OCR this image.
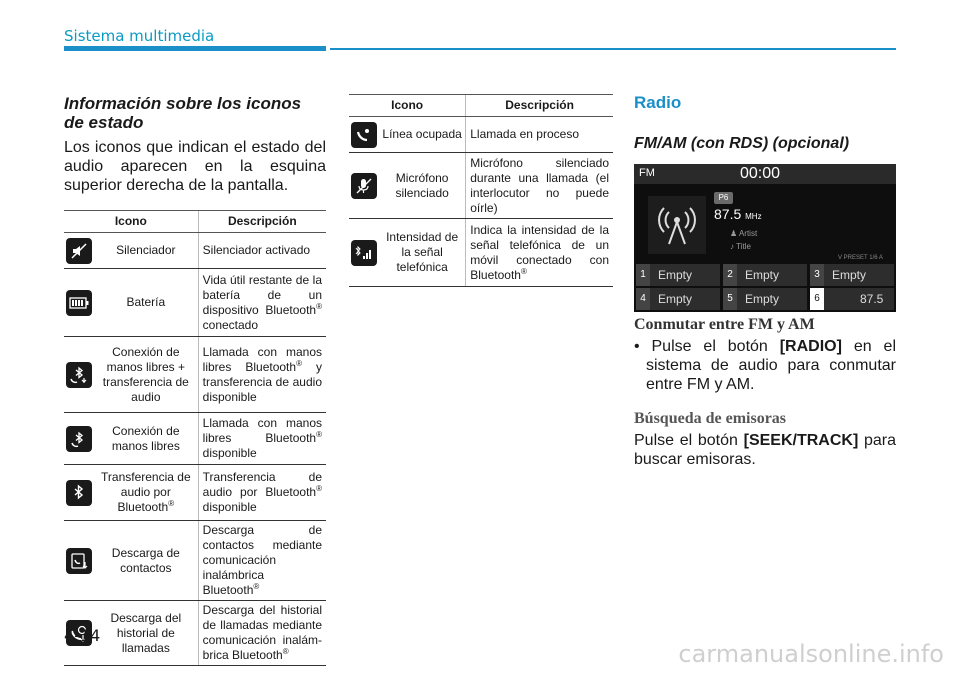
Sistema multimedia
Información sobre los iconos
de estado

Los iconos que indican el estado del audio aparecen en la esquina superior derecha de la pantalla.

Icono		Descripción

	Silenciador	Silenciador activado

	Batería	Vida útil restante de la batería de un dispositivo Bluetooth® conectado

	Conexión de manos libres + transferencia de audio	Llamada con manos libres Bluetooth® y transferencia de audio disponible

	Conexión de manos libres	Llamada con manos libres Bluetooth® disponible

	Transferencia de audio por Bluetooth®	Transferencia de audio por Bluetooth® disponible

	Descarga de contactos	Descarga de contactos mediante comunicación inalámbrica Bluetooth®

	Descarga del historial de llamadas	Descarga del historial de llamadas mediante comunicación inalám-brica Bluetooth®
Icono		Descripción

	Línea ocupada	Llamada en proceso

	Micrófono silenciado	Micrófono silenciado durante una llamada (el interlocutor no puede oírle)

	Intensidad de la señal telefónica	Indica la intensidad de la señal telefónica de un móvil conectado con Bluetooth®
Radio
FM/AM (con RDS) (opcional)
FM	00:00
P6
87.5 MHz
♟ Artist
♪ Title
V PRESET 1/6 A
1	Empty	2	Empty	3	Empty
4	Empty	5	Empty	6	87.5
Conmutar entre FM y AM

• Pulse el botón [RADIO] en el sistema de audio para conmutar entre FM y AM.

Búsqueda de emisoras

Pulse el botón [SEEK/TRACK] para buscar emisoras.

4-14
carmanualsonline.info
